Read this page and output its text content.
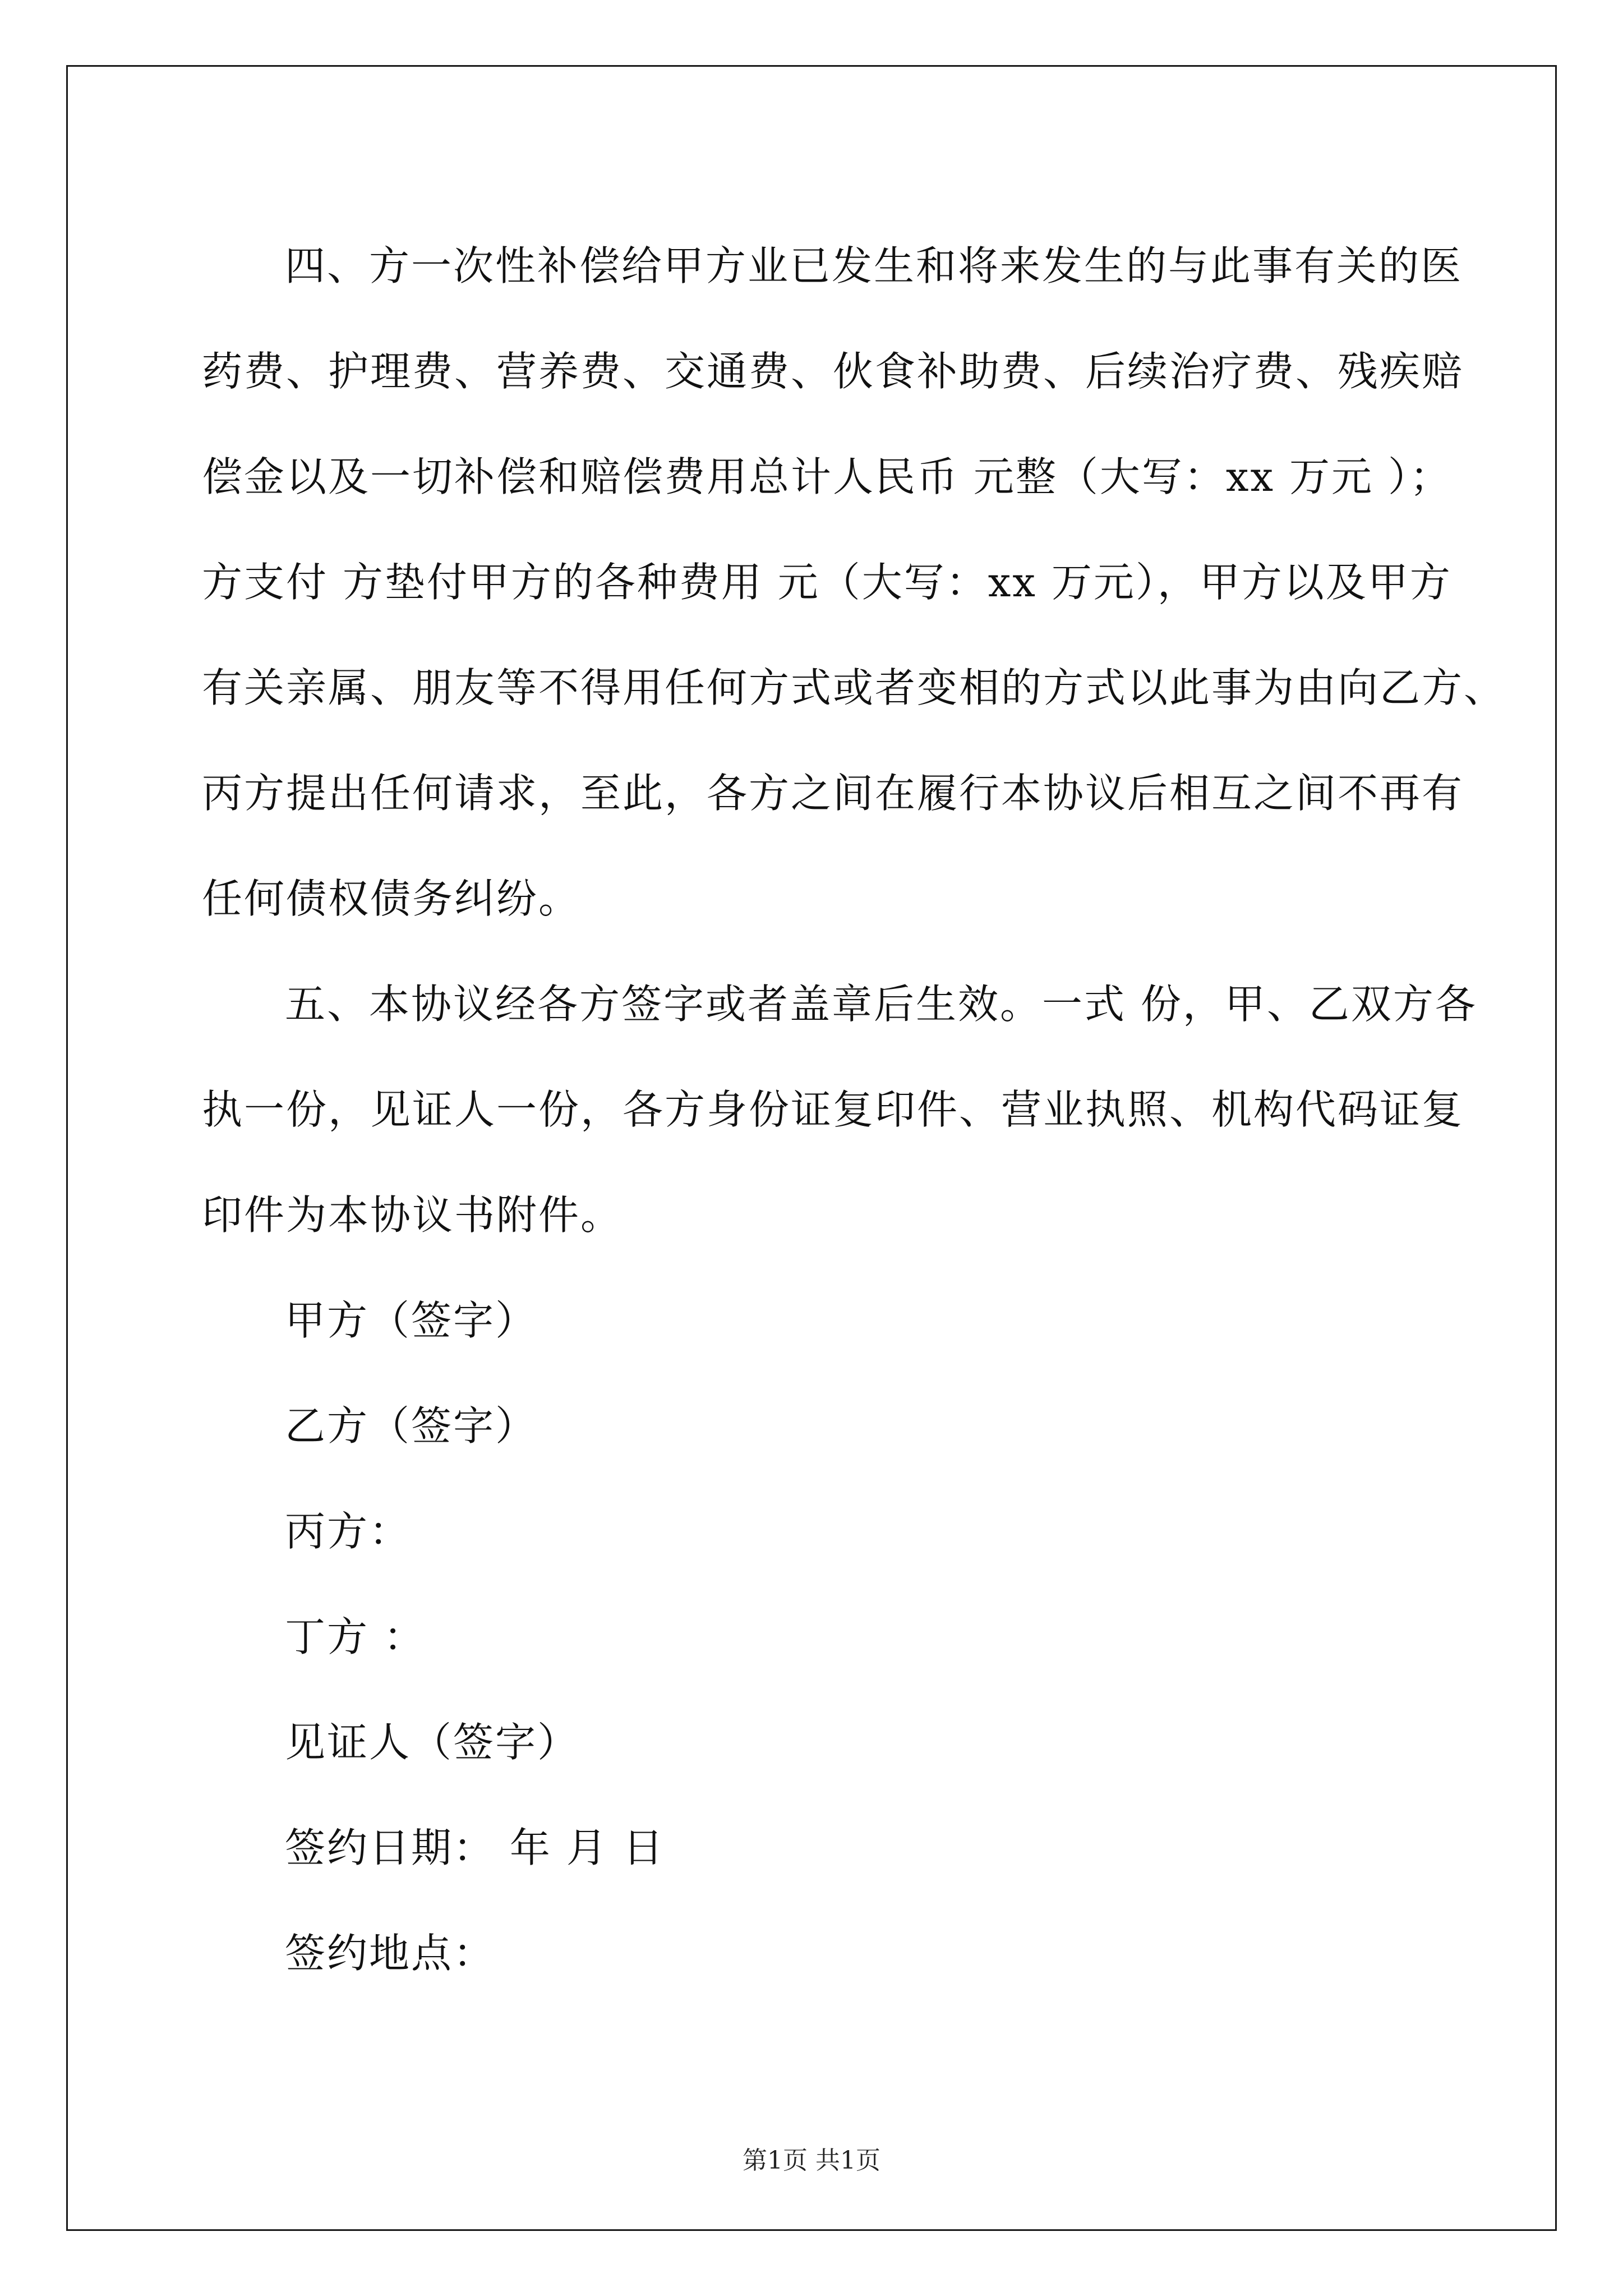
四、方一次性补偿给甲方业已发生和将来发生的与此事有关的医
药费、护理费、营养费、交通费、伙食补助费、后续治疗费、残疾赔
偿金以及一切补偿和赔偿费用总计人民币 元整（大写：xx 万元 ）；
方支付 方垫付甲方的各种费用 元（大写：xx 万元），甲方以及甲方
有关亲属、朋友等不得用任何方式或者变相的方式以此事为由向乙方、
丙方提出任何请求，至此，各方之间在履行本协议后相互之间不再有
任何债权债务纠纷。

五、本协议经各方签字或者盖章后生效。一式 份，甲、乙双方各
执一份，见证人一份，各方身份证复印件、营业执照、机构代码证复
印件为本协议书附件。

甲方（签字）

乙方（签字）

丙方：

丁方 ：

见证人（签字）

签约日期： 年 月 日

签约地点：

第1页 共1页
